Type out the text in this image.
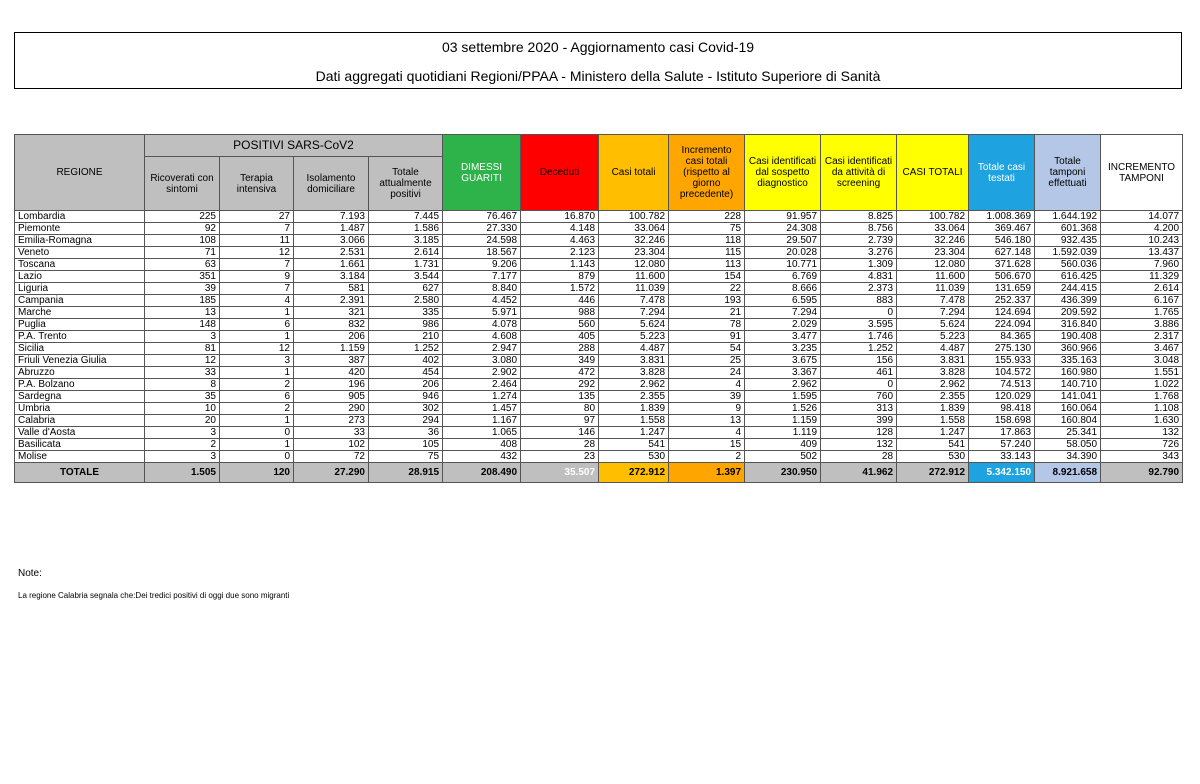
03 settembre 2020 - Aggiornamento casi Covid-19
Dati aggregati quotidiani Regioni/PPAA - Ministero della Salute - Istituto Superiore di Sanità
REGIONE	POSITIVI SARS-CoV2				DIMESSI GUARITI	Deceduti	Casi totali	Incremento casi totali (rispetto al giorno precedente)	Casi identificati dal sospetto diagnostico	Casi identificati da attività di screening	CASI TOTALI	Totale casi testati	Totale tamponi effettuati	INCREMENTO TAMPONI
	Ricoverati con sintomi	Terapia intensiva	Isolamento domiciliare	Totale attualmente positivi										
Lombardia	225	27	7.193	7.445	76.467	16.870	100.782	228	91.957	8.825	100.782	1.008.369	1.644.192	14.077
Piemonte	92	7	1.487	1.586	27.330	4.148	33.064	75	24.308	8.756	33.064	369.467	601.368	4.200
Emilia-Romagna	108	11	3.066	3.185	24.598	4.463	32.246	118	29.507	2.739	32.246	546.180	932.435	10.243
Veneto	71	12	2.531	2.614	18.567	2.123	23.304	115	20.028	3.276	23.304	627.148	1.592.039	13.437
Toscana	63	7	1.661	1.731	9.206	1.143	12.080	113	10.771	1.309	12.080	371.628	560.036	7.960
Lazio	351	9	3.184	3.544	7.177	879	11.600	154	6.769	4.831	11.600	506.670	616.425	11.329
Liguria	39	7	581	627	8.840	1.572	11.039	22	8.666	2.373	11.039	131.659	244.415	2.614
Campania	185	4	2.391	2.580	4.452	446	7.478	193	6.595	883	7.478	252.337	436.399	6.167
Marche	13	1	321	335	5.971	988	7.294	21	7.294	0	7.294	124.694	209.592	1.765
Puglia	148	6	832	986	4.078	560	5.624	78	2.029	3.595	5.624	224.094	316.840	3.886
P.A. Trento	3	1	206	210	4.608	405	5.223	91	3.477	1.746	5.223	84.365	190.408	2.317
Sicilia	81	12	1.159	1.252	2.947	288	4.487	54	3.235	1.252	4.487	275.130	360.966	3.467
Friuli Venezia Giulia	12	3	387	402	3.080	349	3.831	25	3.675	156	3.831	155.933	335.163	3.048
Abruzzo	33	1	420	454	2.902	472	3.828	24	3.367	461	3.828	104.572	160.980	1.551
P.A. Bolzano	8	2	196	206	2.464	292	2.962	4	2.962	0	2.962	74.513	140.710	1.022
Sardegna	35	6	905	946	1.274	135	2.355	39	1.595	760	2.355	120.029	141.041	1.768
Umbria	10	2	290	302	1.457	80	1.839	9	1.526	313	1.839	98.418	160.064	1.108
Calabria	20	1	273	294	1.167	97	1.558	13	1.159	399	1.558	158.698	160.804	1.630
Valle d'Aosta	3	0	33	36	1.065	146	1.247	4	1.119	128	1.247	17.863	25.341	132
Basilicata	2	1	102	105	408	28	541	15	409	132	541	57.240	58.050	726
Molise	3	0	72	75	432	23	530	2	502	28	530	33.143	34.390	343
TOTALE	1.505	120	27.290	28.915	208.490	35.507	272.912	1.397	230.950	41.962	272.912	5.342.150	8.921.658	92.790
Note:
La regione Calabria segnala che:Dei tredici positivi di oggi due sono migranti
